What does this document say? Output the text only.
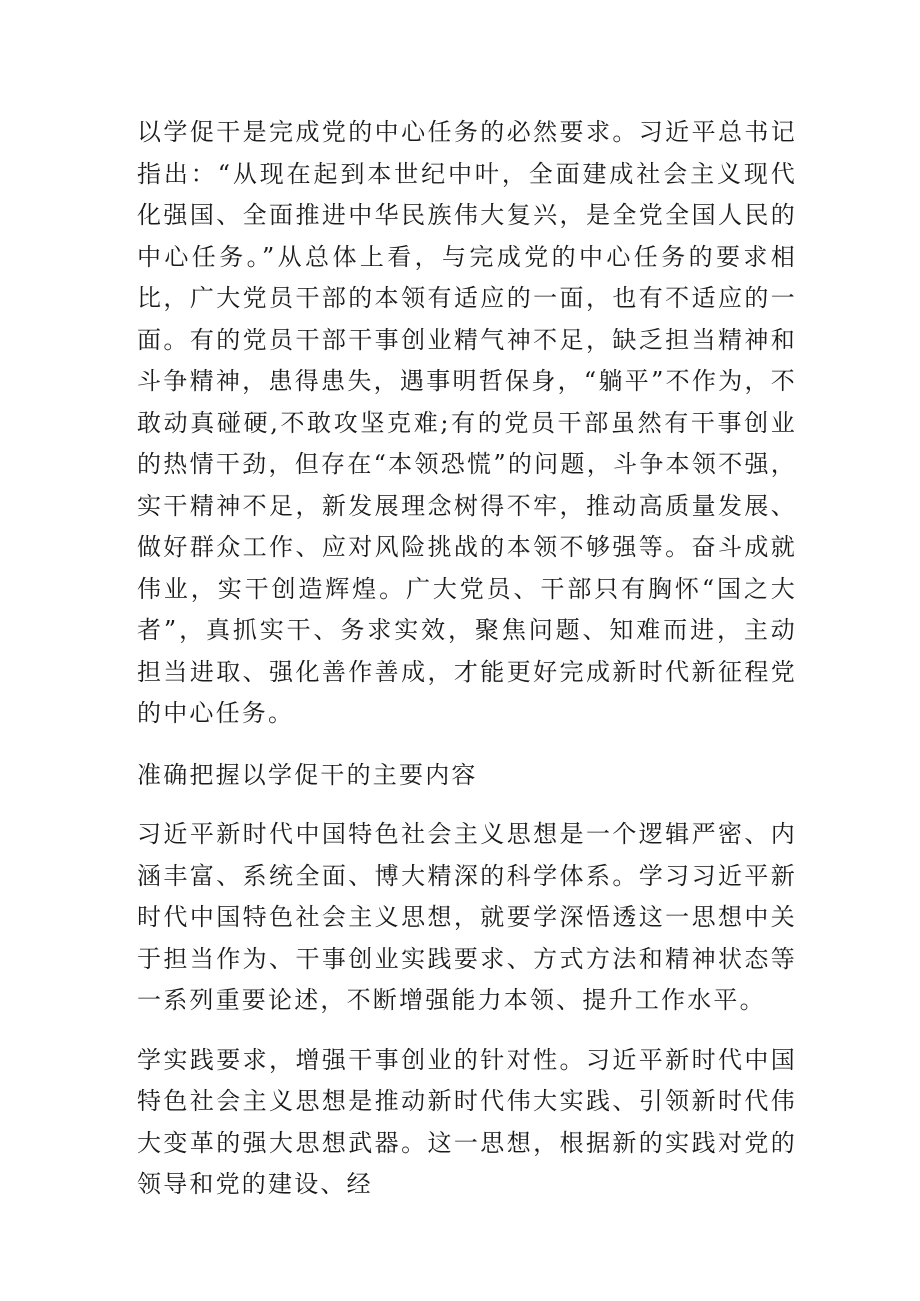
以学促干是完成党的中心任务的必然要求。习近平总书记指出：“从现在起到本世纪中叶，全面建成社会主义现代化强国、全面推进中华民族伟大复兴，是全党全国人民的中心任务。”从总体上看，与完成党的中心任务的要求相比，广大党员干部的本领有适应的一面，也有不适应的一面。有的党员干部干事创业精气神不足，缺乏担当精神和斗争精神，患得患失，遇事明哲保身，“躺平”不作为，不敢动真碰硬,不敢攻坚克难;有的党员干部虽然有干事创业的热情干劲，但存在“本领恐慌”的问题，斗争本领不强，实干精神不足，新发展理念树得不牢，推动高质量发展、做好群众工作、应对风险挑战的本领不够强等。奋斗成就伟业，实干创造辉煌。广大党员、干部只有胸怀“国之大者”，真抓实干、务求实效，聚焦问题、知难而进，主动担当进取、强化善作善成，才能更好完成新时代新征程党的中心任务。

准确把握以学促干的主要内容

习近平新时代中国特色社会主义思想是一个逻辑严密、内涵丰富、系统全面、博大精深的科学体系。学习习近平新时代中国特色社会主义思想，就要学深悟透这一思想中关于担当作为、干事创业实践要求、方式方法和精神状态等一系列重要论述，不断增强能力本领、提升工作水平。

学实践要求，增强干事创业的针对性。习近平新时代中国特色社会主义思想是推动新时代伟大实践、引领新时代伟大变革的强大思想武器。这一思想，根据新的实践对党的领导和党的建设、经
